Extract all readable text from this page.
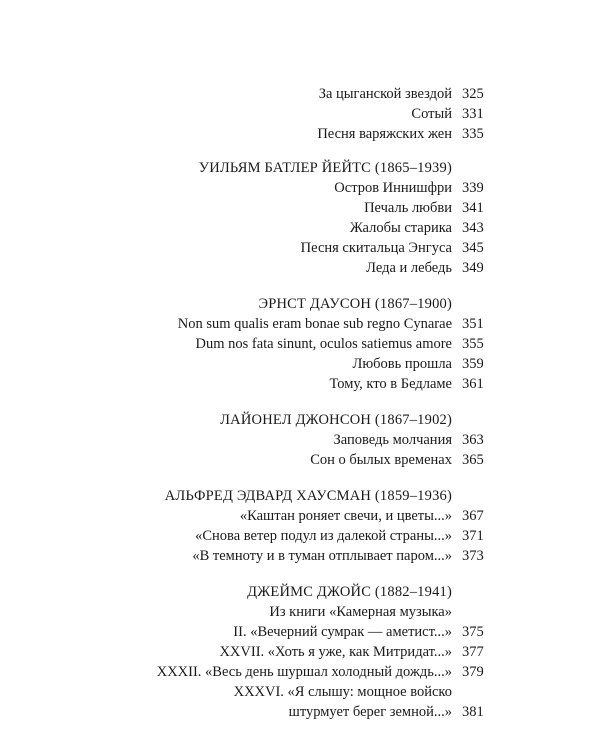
За цыганской звездой 325
Сотый 331
Песня варяжских жен 335
УИЛЬЯМ БАТЛЕР ЙЕЙТС (1865–1939)
Остров Иннишфри 339
Печаль любви 341
Жалобы старика 343
Песня скитальца Энгуса 345
Леда и лебедь 349
ЭРНСТ ДАУСОН (1867–1900)
Non sum qualis eram bonae sub regno Cynarae 351
Dum nos fata sinunt, oculos satiemus amore 355
Любовь прошла 359
Тому, кто в Бедламе 361
ЛАЙОНЕЛ ДЖОНСОН (1867–1902)
Заповедь молчания 363
Сон о былых временах 365
АЛЬФРЕД ЭДВАРД ХАУСМАН (1859–1936)
«Каштан роняет свечи, и цветы...» 367
«Снова ветер подул из далекой страны...» 371
«В темноту и в туман отплывает паром...» 373
ДЖЕЙМС ДЖОЙС (1882–1941)
Из книги «Камерная музыка»
II. «Вечерний сумрак — аметист...» 375
XXVII. «Хоть я уже, как Митридат...» 377
XXXII. «Весь день шуршал холодный дождь...» 379
XXXVI. «Я слышу: мощное войско
штурмует берег земной...» 381
